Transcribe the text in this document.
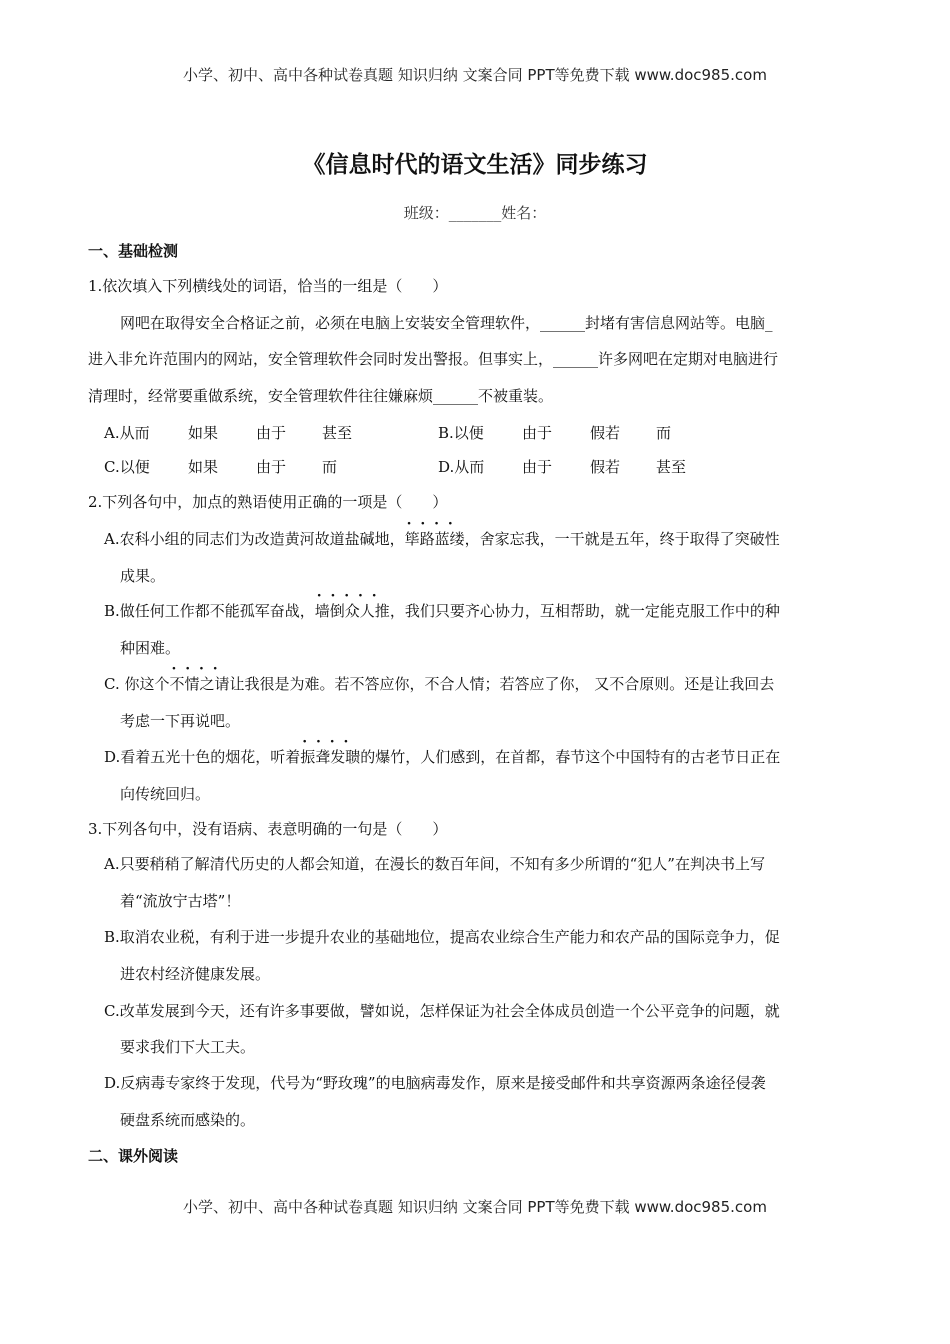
小学、初中、高中各种试卷真题 知识归纳 文案合同 PPT等免费下载 www.doc985.com
《信息时代的语文生活》同步练习
班级：_______姓名：
一、基础检测
1.依次填入下列横线处的词语，恰当的一组是（　　）
网吧在取得安全合格证之前，必须在电脑上安装安全管理软件，______封堵有害信息网站等。电脑_
进入非允许范围内的网站，安全管理软件会同时发出警报。但事实上，______许多网吧在定期对电脑进行
清理时，经常要重做系统，安全管理软件往往嫌麻烦______不被重装。
A.从而	如果	由于 甚至	B.以便	由于	假若 而
C.以便	如果	由于 而	D.从而	由于	假若 甚至
2.下列各句中，加点的熟语使用正确的一项是（　　）
A.农科小组的同志们为改造黄河故道盐碱地，· · · · 筚路蓝缕，舍家忘我，一干就是五年，终于取得了突破性
成果。
B.做任何工作都不能孤军奋战，· · · 墙倒众人推，我们只要齐心协力，互相帮助，就一定能克服工作中的种
种困难。
C. 你这个· · · · 不情之请让我很是为难。若不答应你，不合人情；若答应了你， 又不合原则。还是让我回去
考虑一下再说吧。
D.看着五光十色的烟花，听着· · · · 振聋发聩的爆竹，人们感到，在首都，春节这个中国特有的古老节日正在
向传统回归。
3.下列各句中，没有语病、表意明确的一句是（　　）
A.只要稍稍了解清代历史的人都会知道，在漫长的数百年间，不知有多少所谓的“犯人”在判决书上写
着“流放宁古塔”！
B.取消农业税，有利于进一步提升农业的基础地位，提高农业综合生产能力和农产品的国际竞争力，促
进农村经济健康发展。
C.改革发展到今天，还有许多事要做，譬如说，怎样保证为社会全体成员创造一个公平竞争的问题，就
要求我们下大工夫。
D.反病毒专家终于发现，代号为“野玫瑰”的电脑病毒发作，原来是接受邮件和共享资源两条途径侵袭
硬盘系统而感染的。
二、课外阅读
小学、初中、高中各种试卷真题 知识归纳 文案合同 PPT等免费下载 www.doc985.com
